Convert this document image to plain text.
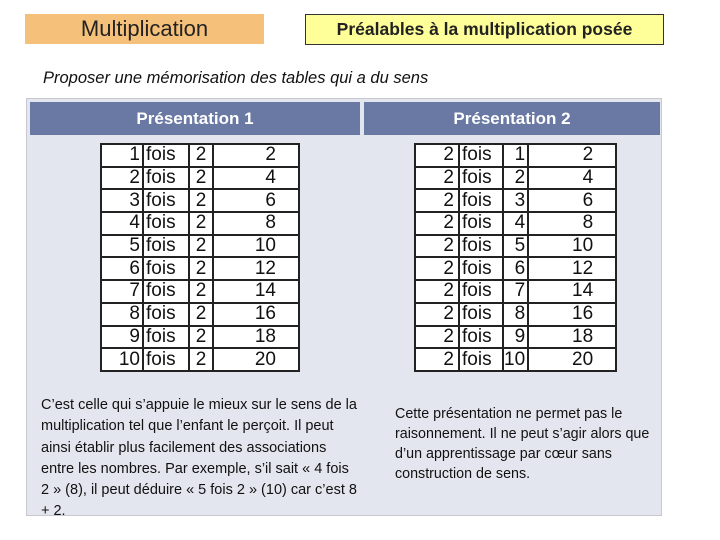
Multiplication	Préalables à la multiplication posée
Proposer une mémorisation des tables qui a du sens
Présentation 1	Présentation 2
1	fois	2	2
2	fois	2	4
3	fois	2	6
4	fois	2	8
5	fois	2	10
6	fois	2	12
7	fois	2	14
8	fois	2	16
9	fois	2	18
10	fois	2	20
2	fois	1	2
2	fois	2	4
2	fois	3	6
2	fois	4	8
2	fois	5	10
2	fois	6	12
2	fois	7	14
2	fois	8	16
2	fois	9	18
2	fois	10	20
C’est celle qui s’appuie le mieux sur le sens de la multiplication tel que l’enfant le perçoit. Il peut ainsi établir plus facilement des associations entre les nombres. Par exemple, s’il sait « 4 fois 2 » (8), il peut déduire « 5 fois 2 » (10) car c’est 8 + 2.
Cette présentation ne permet pas le raisonnement. Il ne peut s’agir alors que d’un apprentissage par cœur sans construction de sens.
